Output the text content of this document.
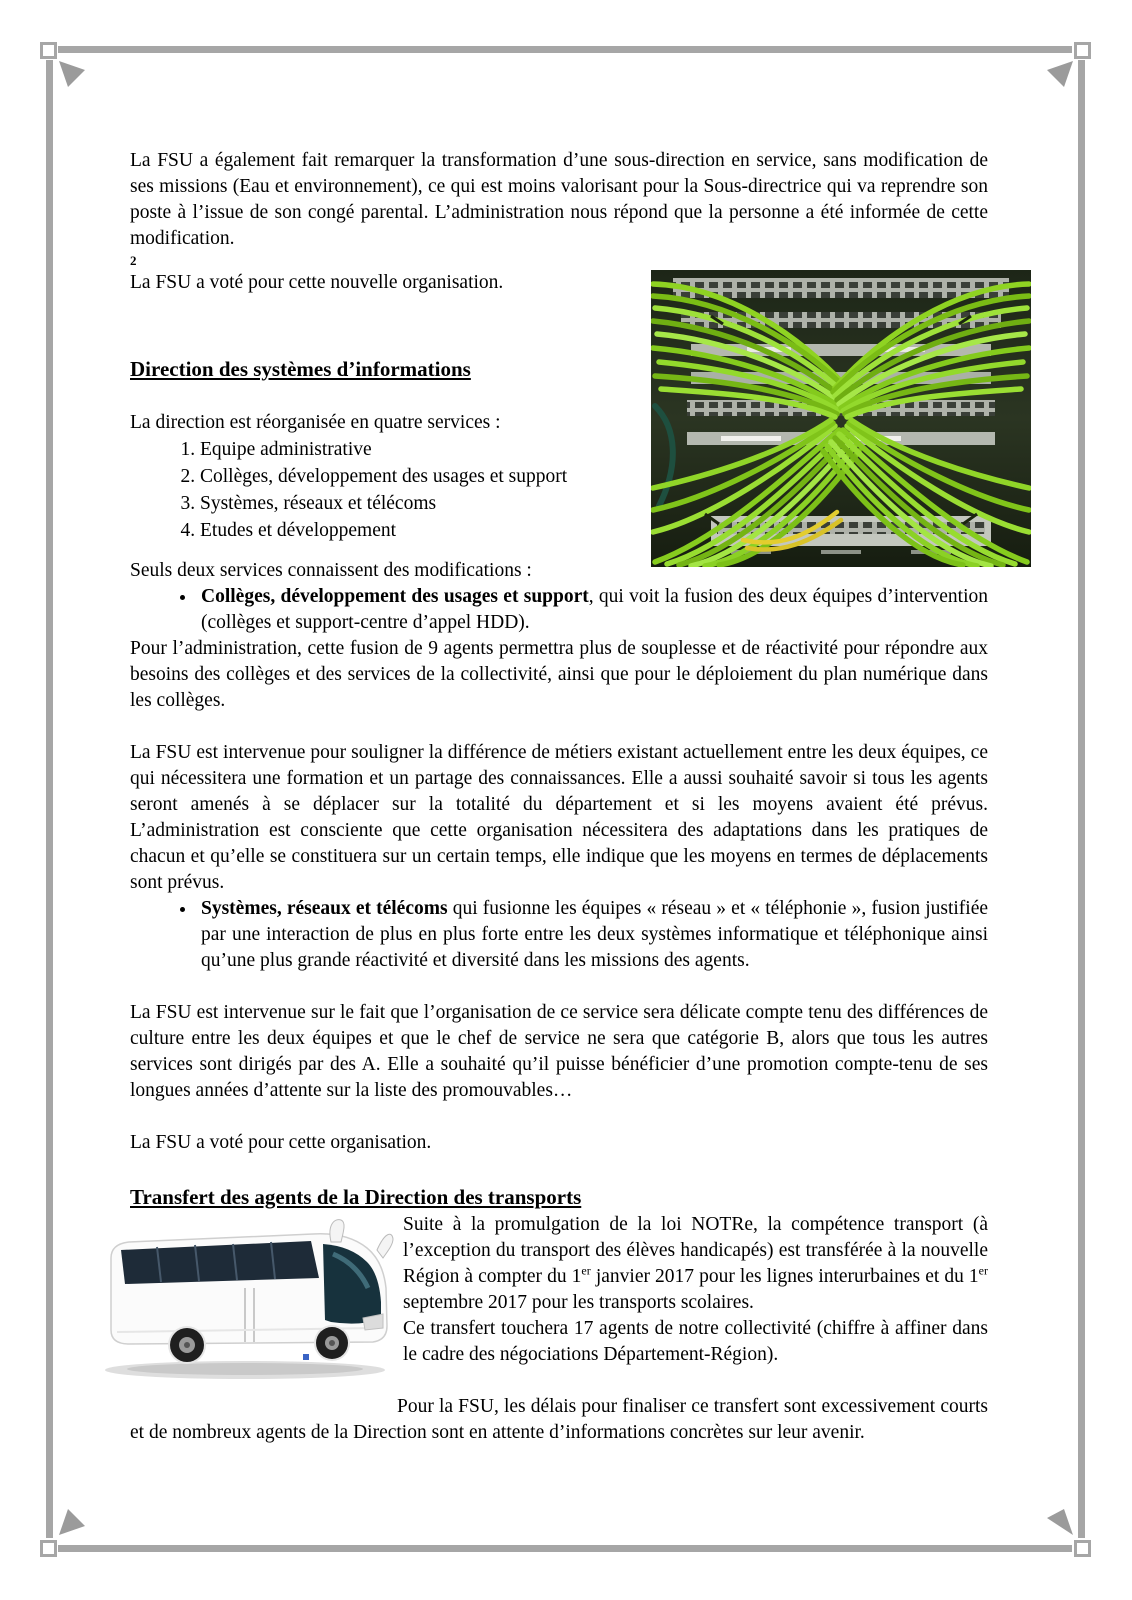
La FSU a également fait remarquer la transformation d’une sous-direction en service, sans modification de ses missions (Eau et environnement), ce qui est moins valorisant pour la Sous-directrice qui va reprendre son poste à l’issue de son congé parental. L’administration nous répond que la personne a été informée de cette modification.

2

La FSU a voté pour cette nouvelle organisation.

Direction des systèmes d’informations

La direction est réorganisée en quatre services :

1. Equipe administrative
2. Collèges, développement des usages et support
3. Systèmes, réseaux et télécoms
4. Etudes et développement

Seuls deux services connaissent des modifications :

• Collèges, développement des usages et support, qui voit la fusion des deux équipes d’intervention (collèges et support-centre d’appel HDD).

Pour l’administration, cette fusion de 9 agents permettra plus de souplesse et de réactivité pour répondre aux besoins des collèges et des services de la collectivité, ainsi que pour le déploiement du plan numérique dans les collèges.

La FSU est intervenue pour souligner la différence de métiers existant actuellement entre les deux équipes, ce qui nécessitera une formation et un partage des connaissances. Elle a aussi souhaité savoir si tous les agents seront amenés à se déplacer sur la totalité du département et si les moyens avaient été prévus. L’administration est consciente que cette organisation nécessitera des adaptations dans les pratiques de chacun et qu’elle se constituera sur un certain temps, elle indique que les moyens en termes de déplacements sont prévus.

• Systèmes, réseaux et télécoms qui fusionne les équipes « réseau » et « téléphonie », fusion justifiée par une interaction de plus en plus forte entre les deux systèmes informatique et téléphonique ainsi qu’une plus grande réactivité et diversité dans les missions des agents.

La FSU est intervenue sur le fait que l’organisation de ce service sera délicate compte tenu des différences de culture entre les deux équipes et que le chef de service ne sera que catégorie B, alors que tous les autres services sont dirigés par des A. Elle a souhaité qu’il puisse bénéficier d’une promotion compte-tenu de ses longues années d’attente sur la liste des promouvables…

La FSU a voté pour cette organisation.

Transfert des agents de la Direction des transports

Suite à la promulgation de la loi NOTRe, la compétence transport (à l’exception du transport des élèves handicapés) est transférée à la nouvelle Région à compter du 1er janvier 2017 pour les lignes interurbaines et du 1er septembre 2017 pour les transports scolaires.

Ce transfert touchera 17 agents de notre collectivité (chiffre à affiner dans le cadre des négociations Département-Région).

Pour la FSU, les délais pour finaliser ce transfert sont excessivement courts et de nombreux agents de la Direction sont en attente d’informations concrètes sur leur avenir.
